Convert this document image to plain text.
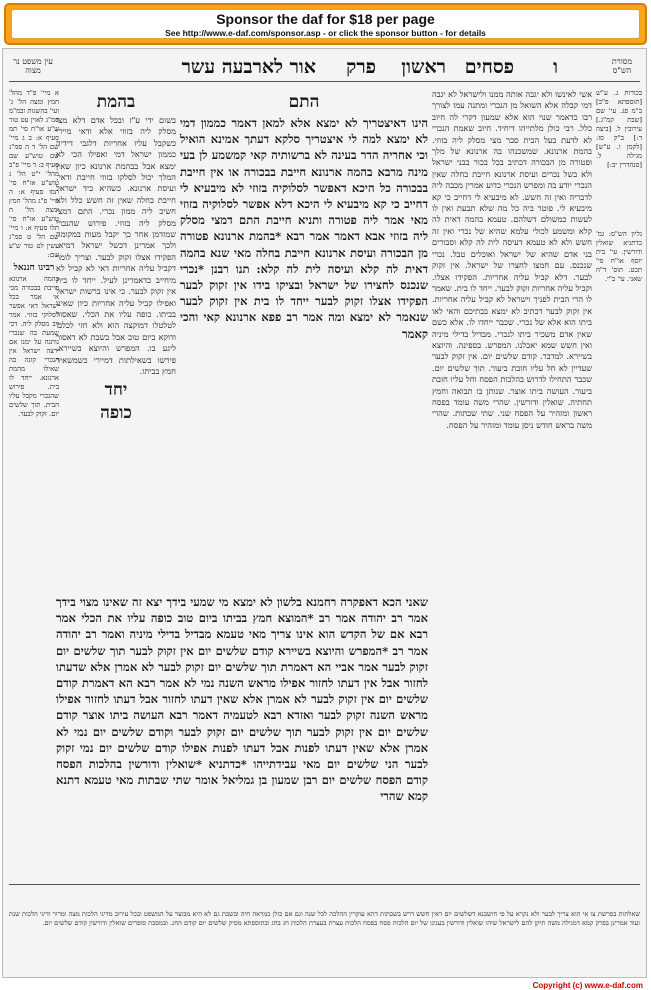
Sponsor the daf for $18 per page
See http://www.e-daf.com/sponsor.asp - or click the sponsor button - for details
מסורת הש"ס
אור לארבעה עשר פרק ראשון פסחים ו
עין משפט נר מצוה

בכורות ג. ע"ש [תוספתא פ"ב] ב"מ פג. עי' שם [שבת קמ"ג.] עירובין ל. [ביצה ד:] ב"ק סז: [לקמן ו. ע"ש] מגילה ל. [סנהדרין יב:]

גליון הש"ס: גמ' כדתניא שואלין ודורשין. עי' בית יוסף או"ח סי' תכט. תוס' ד"ה שאני. עי' ב"י.

אשי לאינשו ולא יגבה אותה ממנו ולישראל לא יגבה דמי קבלה אלא השואל מן הנכרי ומתנה עמו לצורך רבו כדאמר שנוי הוא אלא שמעון דקרי לה חיוב כלל. רבי כולן מלתייהו דיחיד. חיוב שאמת הנכרי לא לדעת בעל הבית סבר מצי מסלק ליה בזוזי. בהמת ארנונא. שמשכנהו בה ארנונא של מלך ופטורה מן הבכורה דכתיב בכל בכור בבני ישראל ולא בשל נכרים ועיסת ארנונא חייבת בחלה שאין הנכרי יודע בה ומפרש הנכרי כדוע אמרין מכבה ליה לדבריה ואין זה חשש. לא מיבעיא לי דחייב כי קא מיבעיא לי. פוטר ביה כל מה שלא תבעת ואין לו לעשות כמשולם דשלהם. טעמא בהמה דאית לה קלא ומשמע לכולי עלמא שהיא של נכרי ואין זה חשש ולא לא טעמא דעיסה לית לה קלא וסבורים בני אדם שהיא של ישראל ואוכלים טבל. נכרי שנכנס. עם חמצו לחצרו של ישראל. אין זקוק לבער. דלא קביל עליה אחריות. הפקידו אצלו. וקביל עליה אחריות זקוק לבער. ייחד לו בית. שאמר לו הרי הבית לפניך וישראל לא קביל עליה אחריות. אין זקוק לבער דכתיב לא ימצא בבתיכם והאי לאו ביתו הוא אלא של נכרי. שכבר ייחדו לו. אלא כשם שאין אדם משכיר ביתו לנכרי. מבדיל בדילי מיניה ואין חשש שמא יאכלנו. המפרש. בספינה. והיוצא בשיירא. למדבר. קודם שלשים יום. אין זקוק לבער שעדיין לא חל עליו חובת ביעור. תוך שלשים יום. שכבר התחילו לדרוש בהלכות הפסח וחל עליו חובת ביעור. העושה ביתו אוצר. שנותן בו תבואה וחמץ תחתיה. שואלין ודורשין. שהרי משה עומד בפסח ראשון ומזהיר על הפסח שני. שתי שבתות. שהרי משה בראש חודש ניסן עומד ומזהיר על הפסח.

התם

הינו דאיצטריך לא ימצא אלא למאן דאמר כממון דמי לא ימצא למה לי איצטריך סלקא דעתך אמינא הואיל וכי אחריה הדר בעינה לא ברשותיה קאי קמשמע לן בעי מינה מרבא בהמה ארנונא חייבת בבכורה או אין חייבת בבכורה כל היכא דאפשר לסלוקיה בזוזי לא מיבעיא לי דחייב כי קא מיבעיא לי היכא דלא אפשר לסלוקיה בזוזי מאי אמר ליה פטורה ותניא חייבת התם דמצי מסלק ליה בזוזי אבא דאמר אמר רבא *בהמת ארנונא פטורה מן הבכורה ועיסת ארנונא חייבת בחלה מאי שנא בהמה דאית לה קלא ועיסה לית לה קלא: תנו רבנן *נכרי שנכנס לחצירו של ישראל ובציקו בידו אין זקוק לבער הפקידו אצלו זקוק לבער ייחד לו בית אין זקוק לבער שנאמר לא ימצא ומה אמר רב פפא ארנונא קאי והכי קאמר

בהמת

בשום ידי ע"ז ובכל אדם דלא מצי מסלק ליה בזוזי אלא ודאי מיירי כשקבל עליו אחריות דלגבי דידיה כממון ישראל דמי ואפילו הכי לא ימצא אבל בבהמת ארנונא כיון שאין המלך יכול לסלקו בזוזי חייבת ודאי. ועיסת ארנונא. כשהיא ביד ישראל חייבת בחלה שאין זה חשש כלל ולא חשיב ליה ממון נכרי. התם דמצי מסלק ליה בזוזי. פירוש שהנכרי שמזדמן אחר כך יקבל מעות במקומה ולכך אמרינן דכשל ישראל דמיא. הפקידו אצלו זקוק לבער. וצריך לומר דקביל עליה אחריות דאי לא קביל לא מיחייב כדאמרינן לעיל. ייחד לו בית אין זקוק לבער. כי אינו ברשות ישראל ואפילו קביל עליה אחריות כיון שאינו בביתו. כופה עליו את הכלי. שאסור לטלטלו דמוקצה הוא ולא חזי לכלבו ודוקא ביום טוב אבל בשבת לא דאסור ליגע בו. המפרש והיוצא בשיירא. פירשו בשאילתות דמיירי כשמשאיר חמץ בביתו.

יחד
כופה

א מיי' פ"ד מהל' חמץ ומצה הל' ג' ועי' בהשגות ובמ"מ סמ"ג לאוין עט טור ש"ע או"ח סי' תמ סעיף א: ב ג מיי' שם הל' ד ה סמ"ג שם טוש"ע שם סעיף ב: ד מיי' פ"ב מהל' י"ט הל' ג טוש"ע או"ח סי' תמו סעיף א: ה מיי' פ"ג מהל' חמץ ומצה הל' ח טוש"ע או"ח סי' תלו סעיף א: ו מיי' שם הל' ט סמ"ג עשין לט טור ש"ע שם:

רבינו חננאל

בהמה ארנונא חייבת בבכורה מכי אי אמר בכל ישראל דאי אפשר לסלוקי בזוזי. אמר רב מסלק ליה. דכי שמעת בה שנכרי נותנה על ימנו אם ירצה ישראל אין הנכרי קונה בה שאילו מהמת ארנונא. ייחד לו בית. פירוש שהנכרי מקבל עליו הבית. תוך שלשים יום. זקוק לבער.

שאני הכא דאפקרה רחמנא בלשון לא ימצא מי שמעי בידך יצא זה שאינו מצוי בידך אמר רב יהודה אמר רב *המוצא חמץ בביתו ביום טוב כופה עליו את הכלי אמר רבא אם של הקדש הוא אינו צריך מאי טעמא מבדיל בדילי מיניה ואמר רב יהודה אמר רב *המפרש והיוצא בשיירא קודם שלשים יום אין זקוק לבער תוך שלשים יום זקוק לבער אמר אביי הא דאמרת תוך שלשים יום זקוק לבער לא אמרן אלא שדעתו לחזור אבל אין דעתו לחזור אפילו מראש השנה נמי לא אמר רבא הא דאמרת קודם שלשים יום אין זקוק לבער לא אמרן אלא שאין דעתו לחזור אבל דעתו לחזור אפילו מראש השנה זקוק לבער ואזדא רבא לטעמיה דאמר רבא העושה ביתו אוצר קודם שלשים יום אין זקוק לבער תוך שלשים יום זקוק לבער וקודם שלשים יום נמי לא אמרן אלא שאין דעתו לפנות אבל דעתו לפנות אפילו קודם שלשים יום נמי זקוק לבער הני שלשים יום מאי עבידתייהו *כדתניא *שואלין ודורשין בהלכות הפסח קודם הפסח שלשים יום רבן שמעון בן גמליאל אומר שתי שבתות מאי טעמא דתנא קמא שהרי

שאלתות בפרשת צו אי הוא צריך לבער ולא נקרא על פי חושבנא דשלשים יום דאין חשש דרש בשבתות דהא עוקרין ההלכה לכל שנה וגם אם כולן כמראה חיה ובשבת גם לא היא מבוצר על המשפט ובכל עירוב מדיני הלכות מצה ומרור ודיני הלכות שנת ועוד אמרינן בפרק קמא דמגילה משה תיקן להם לישראל שיהו שואלין ודורשין בענינו של יום הלכות פסח בפסח הלכות עצרת בעצרת הלכות חג בחג ובתוספתא מסיק שלשים יום קודם החג. ובמסכת סופרים שואלין ודורשין קודם שלשים יום.
Copyright (c) www.e-daf.com
